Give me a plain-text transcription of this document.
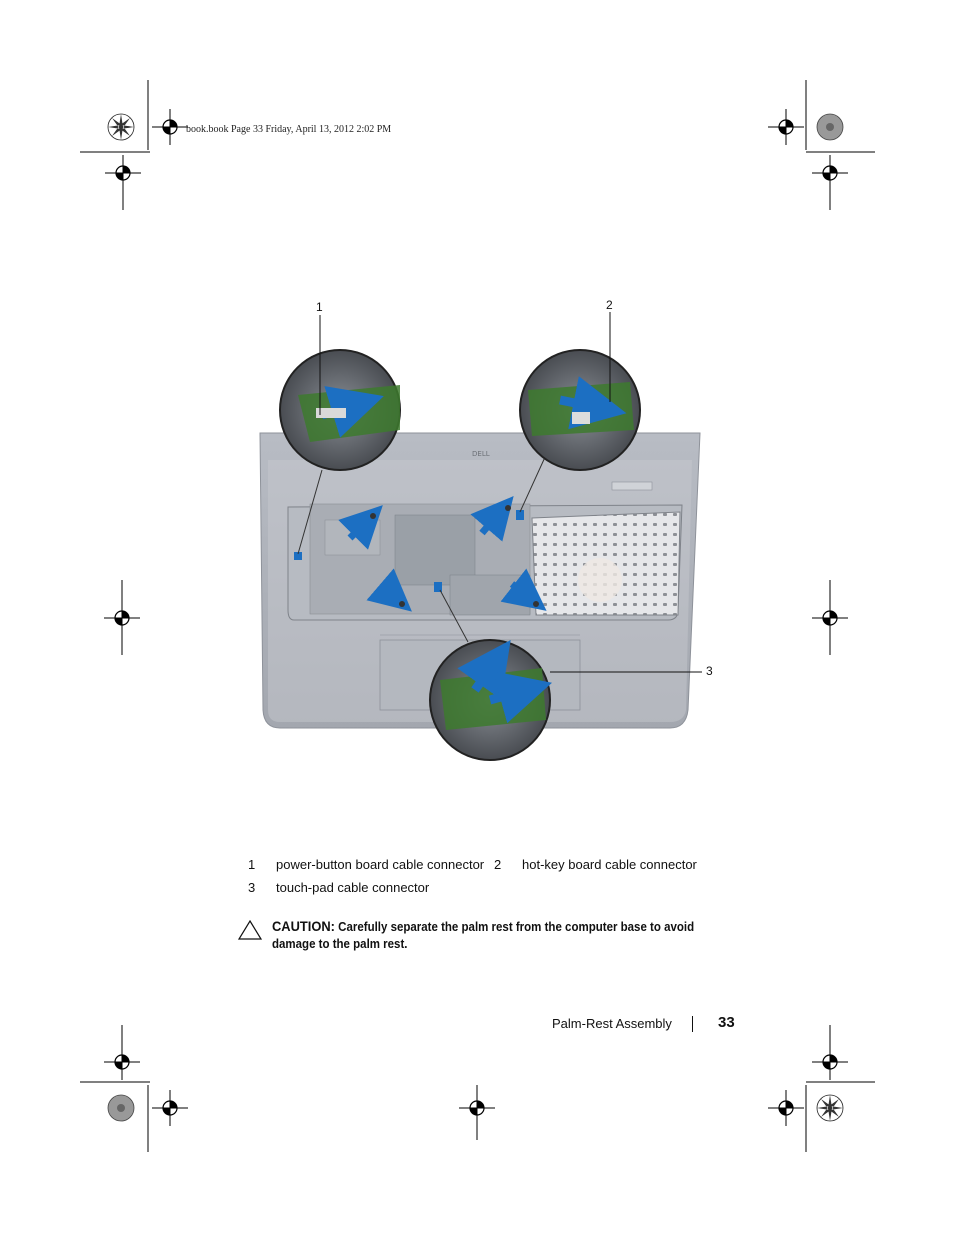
book.book Page 33 Friday, April 13, 2012 2:02 PM
DELL
1	2
3
1 power-button board cable connector 2 hot-key board cable connector
3 touch-pad cable connector
CAUTION: Carefully separate the palm rest from the computer base to avoid damage to the palm rest.
Palm-Rest Assembly	33
